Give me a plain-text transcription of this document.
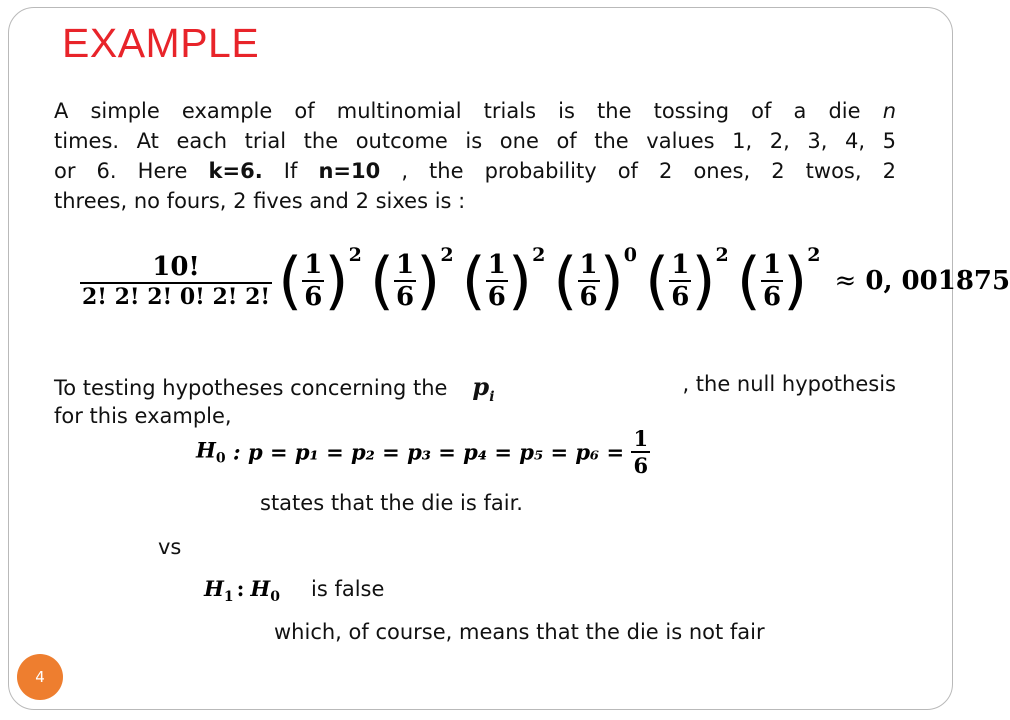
EXAMPLE
A simple example of multinomial trials is the tossing of a die n
times. At each trial the outcome is one of the values 1, 2, 3, 4, 5
or 6. Here k=6. If n=10 , the probability of 2 ones, 2 twos, 2
threes, no fours, 2 fives and 2 sixes is :
$\frac{10!}{2! 2! 2! 0! 2! 2!}$ ( $\frac{1}{6} )^2$ ( $\frac{1}{6} )^2$ ( $\frac{1}{6} )^2$ ( $\frac{1}{6} )^0$ ( $\frac{1}{6} )^2$ ( $\frac{1}{6} )^2\approx 0$, 001875
To testing hypotheses concerning the $p_i$
, the null hypothesis
for this example,
$H_0$ : $p = p_1 = p_2 = p_3 = p_4 = p_5 = p_6 = \frac{1}{6}$
states that the die is fair.
vs
$H_1$ : $H_0$ is false
which, of course, means that the die is not fair
4
